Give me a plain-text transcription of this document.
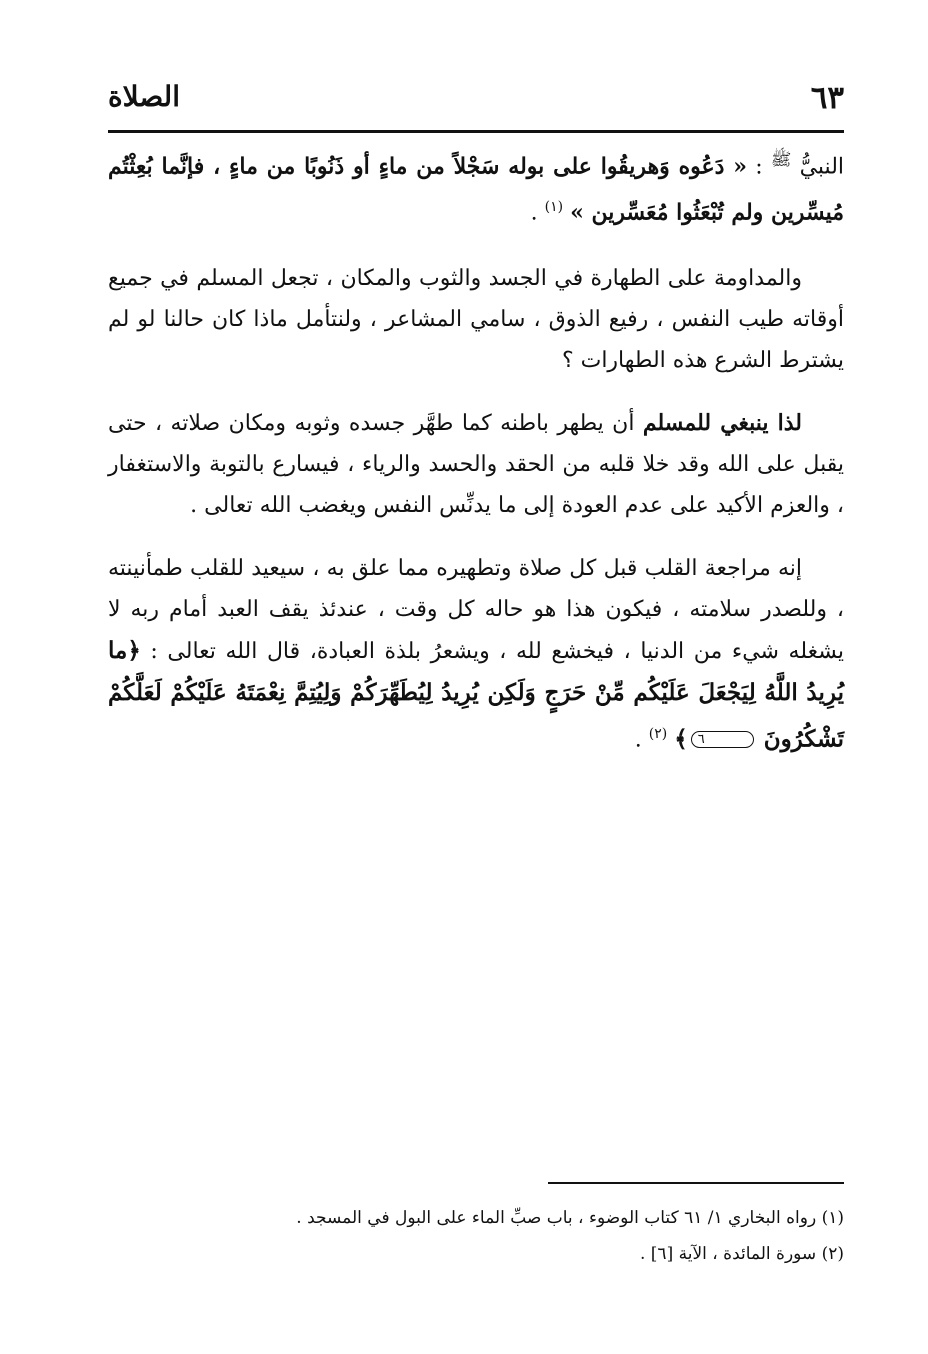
٦٣
الصلاة

النبيُّ $^ﷺ$ : « دَعُوه وَهريقُوا على بوله سَجْلاً من ماءٍ أو ذَنُوبًا من ماءٍ ، فإنَّما بُعِثْتُم مُيسِّرين ولم تُبْعَثُوا مُعَسِّرين » $^{(١)}$ .

والمداومة على الطهارة في الجسد والثوب والمكان ، تجعل المسلم في جميع أوقاته طيب النفس ، رفيع الذوق ، سامي المشاعر ، ولنتأمل ماذا كان حالنا لو لم يشترط الشرع هذه الطهارات ؟

لذا ينبغي للمسلم أن يطهر باطنه كما طهَّر جسده وثوبه ومكان صلاته ، حتى يقبل على الله وقد خلا قلبه من الحقد والحسد والرياء ، فيسارع بالتوبة والاستغفار ، والعزم الأكيد على عدم العودة إلى ما يدنِّس النفس ويغضب الله تعالى .

إنه مراجعة القلب قبل كل صلاة وتطهيره مما علق به ، سيعيد للقلب طمأنينته ، وللصدر سلامته ، فيكون هذا هو حاله كل وقت ، عندئذ يقف العبد أمام ربه لا يشغله شيء من الدنيا ، فيخشع لله ، ويشعرُ بلذة العبادة، قال الله تعالى : ﴿ما يُرِيدُ اللَّهُ لِيَجْعَلَ عَلَيْكُم مِّنْ حَرَجٍ وَلَكِن يُرِيدُ لِيُطَهِّرَكُمْ وَلِيُتِمَّ نِعْمَتَهُ عَلَيْكُمْ لَعَلَّكُمْ تَشْكُرُونَ ٦﴾ $^{(٢)}$ .

(١) رواه البخاري ١/ ٦١ كتاب الوضوء ، باب صبِّ الماء على البول في المسجد .

(٢) سورة المائدة ، الآية [٦] .
